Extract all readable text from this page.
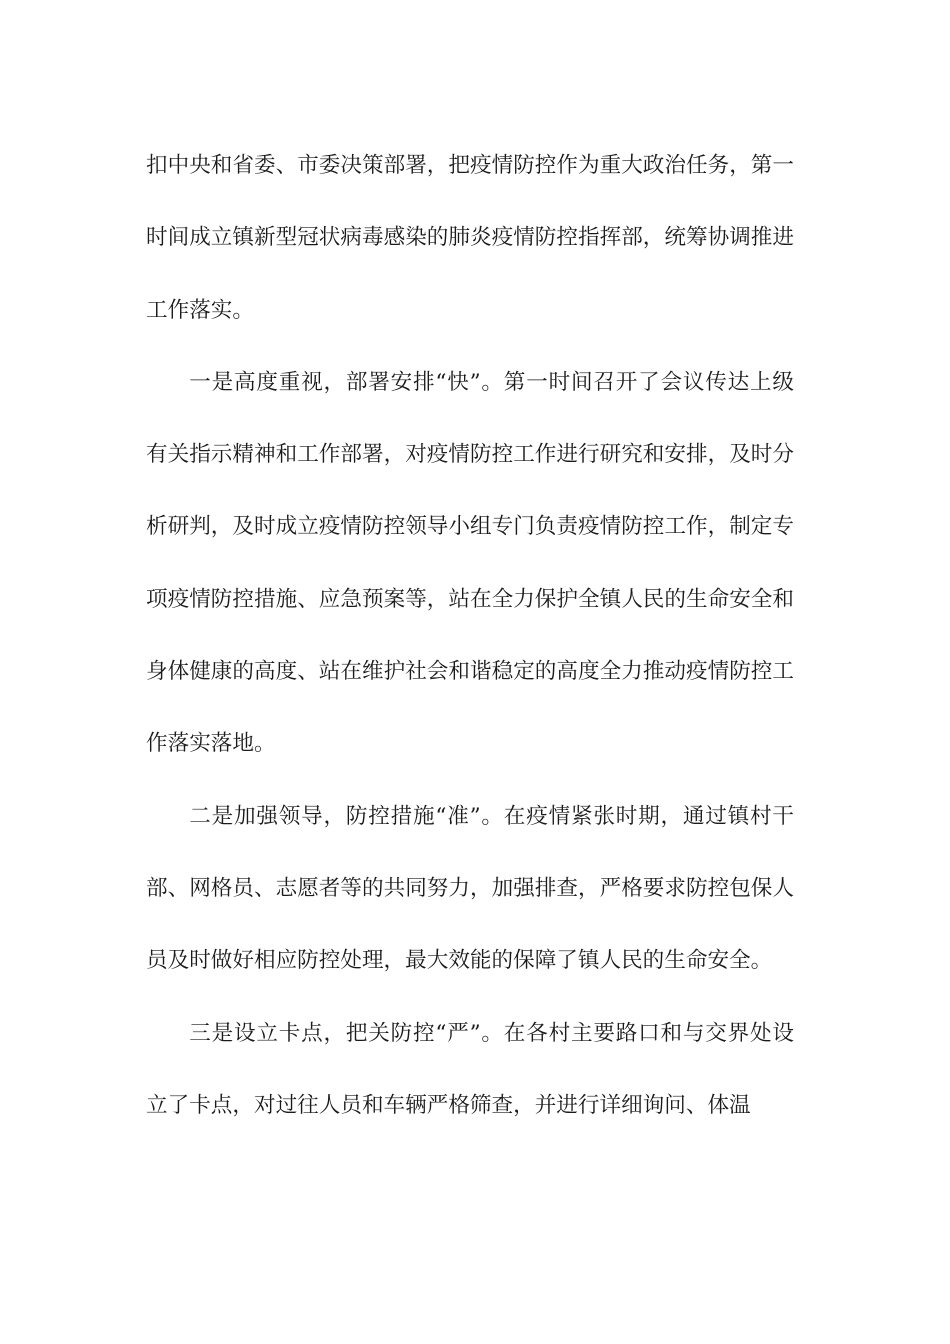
扣中央和省委、市委决策部署，把疫情防控作为重大政治任务，第一时间成立镇新型冠状病毒感染的肺炎疫情防控指挥部，统筹协调推进工作落实。

一是高度重视，部署安排“快”。第一时间召开了会议传达上级有关指示精神和工作部署，对疫情防控工作进行研究和安排，及时分析研判，及时成立疫情防控领导小组专门负责疫情防控工作，制定专项疫情防控措施、应急预案等，站在全力保护全镇人民的生命安全和身体健康的高度、站在维护社会和谐稳定的高度全力推动疫情防控工作落实落地。

二是加强领导，防控措施“准”。在疫情紧张时期，通过镇村干部、网格员、志愿者等的共同努力，加强排查，严格要求防控包保人员及时做好相应防控处理，最大效能的保障了镇人民的生命安全。

三是设立卡点，把关防控“严”。在各村主要路口和与交界处设立了卡点，对过往人员和车辆严格筛查，并进行详细询问、体温
